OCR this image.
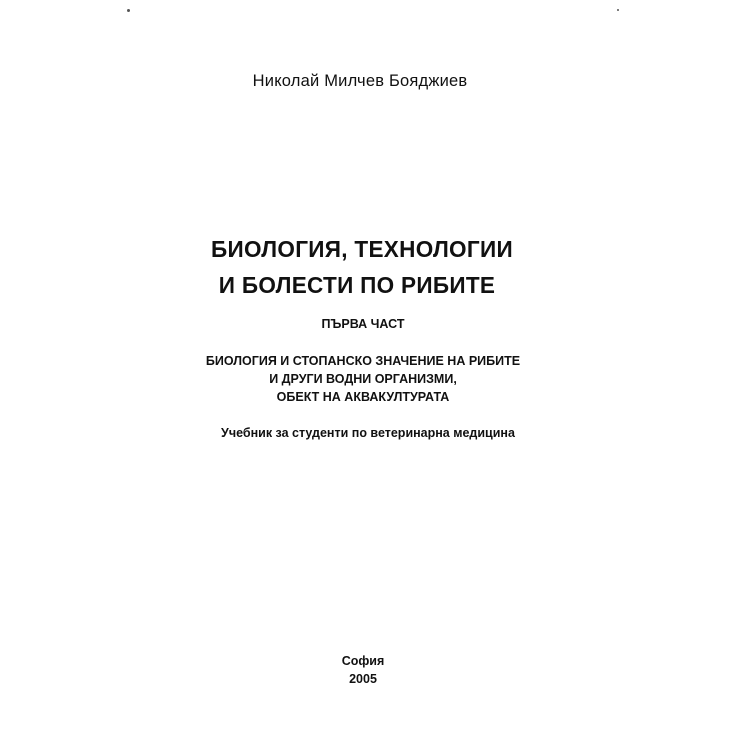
Николай Милчев Бояджиев
БИОЛОГИЯ, ТЕХНОЛОГИИ
И БОЛЕСТИ ПО РИБИТЕ
ПЪРВА ЧАСТ
БИОЛОГИЯ И СТОПАНСКО ЗНАЧЕНИЕ НА РИБИТЕ
И ДРУГИ ВОДНИ ОРГАНИЗМИ,
ОБЕКТ НА АКВАКУЛТУРАТА
Учебник за студенти по ветеринарна медицина
София
2005
